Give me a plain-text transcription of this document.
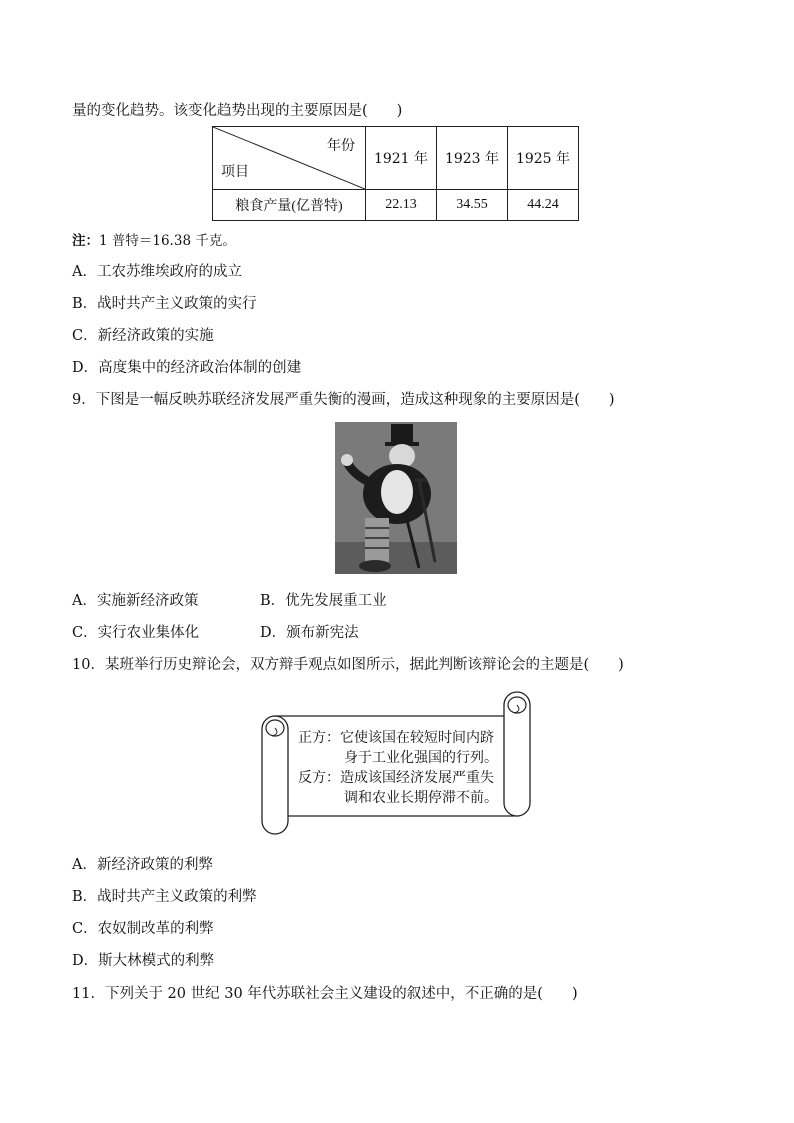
量的变化趋势。该变化趋势出现的主要原因是(　　)
年份
项目	1921 年	1923 年	1925 年
粮食产量(亿普特)	22.13	34.55	44.24
注：1 普特＝16.38 千克。
A．工农苏维埃政府的成立
B．战时共产主义政策的实行
C．新经济政策的实施
D．高度集中的经济政治体制的创建
9．下图是一幅反映苏联经济发展严重失衡的漫画，造成这种现象的主要原因是(　　)
A．实施新经济政策	B．优先发展重工业
C．实行农业集体化	D．颁布新宪法
10．某班举行历史辩论会，双方辩手观点如图所示，据此判断该辩论会的主题是(　　)
正方：它使该国在较短时间内跻
身于工业化强国的行列。
反方：造成该国经济发展严重失
调和农业长期停滞不前。
A．新经济政策的利弊
B．战时共产主义政策的利弊
C．农奴制改革的利弊
D．斯大林模式的利弊
11．下列关于 20 世纪 30 年代苏联社会主义建设的叙述中，不正确的是(　　)
